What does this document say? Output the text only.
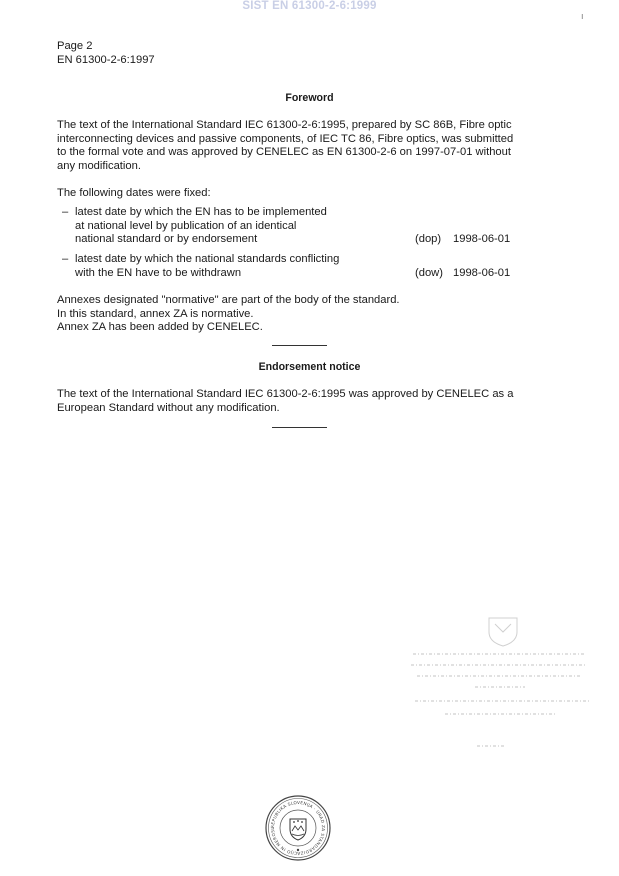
SIST EN 61300-2-6:1999
ı
Page 2
EN 61300-2-6:1997
Foreword
The text of the International Standard IEC 61300-2-6:1995, prepared by SC 86B, Fibre optic
interconnecting devices and passive components, of IEC TC 86, Fibre optics, was submitted
to the formal vote and was approved by CENELEC as EN 61300-2-6 on 1997-07-01 without
any modification.
The following dates were fixed:
– latest date by which the EN has to be implemented
at national level by publication of an identical
national standard or by endorsement	(dop) 1998-06-01
– latest date by which the national standards conflicting
with the EN have to be withdrawn	(dow) 1998-06-01
Annexes designated "normative" are part of the body of the standard.
In this standard, annex ZA is normative.
Annex ZA has been added by CENELEC.
Endorsement notice
The text of the International Standard IEC 61300-2-6:1995 was approved by CENELEC as a
European Standard without any modification.
REPUBLIKA SLOVENIJA · URAD ZA STANDARDIZACIJO IN MEROSL
